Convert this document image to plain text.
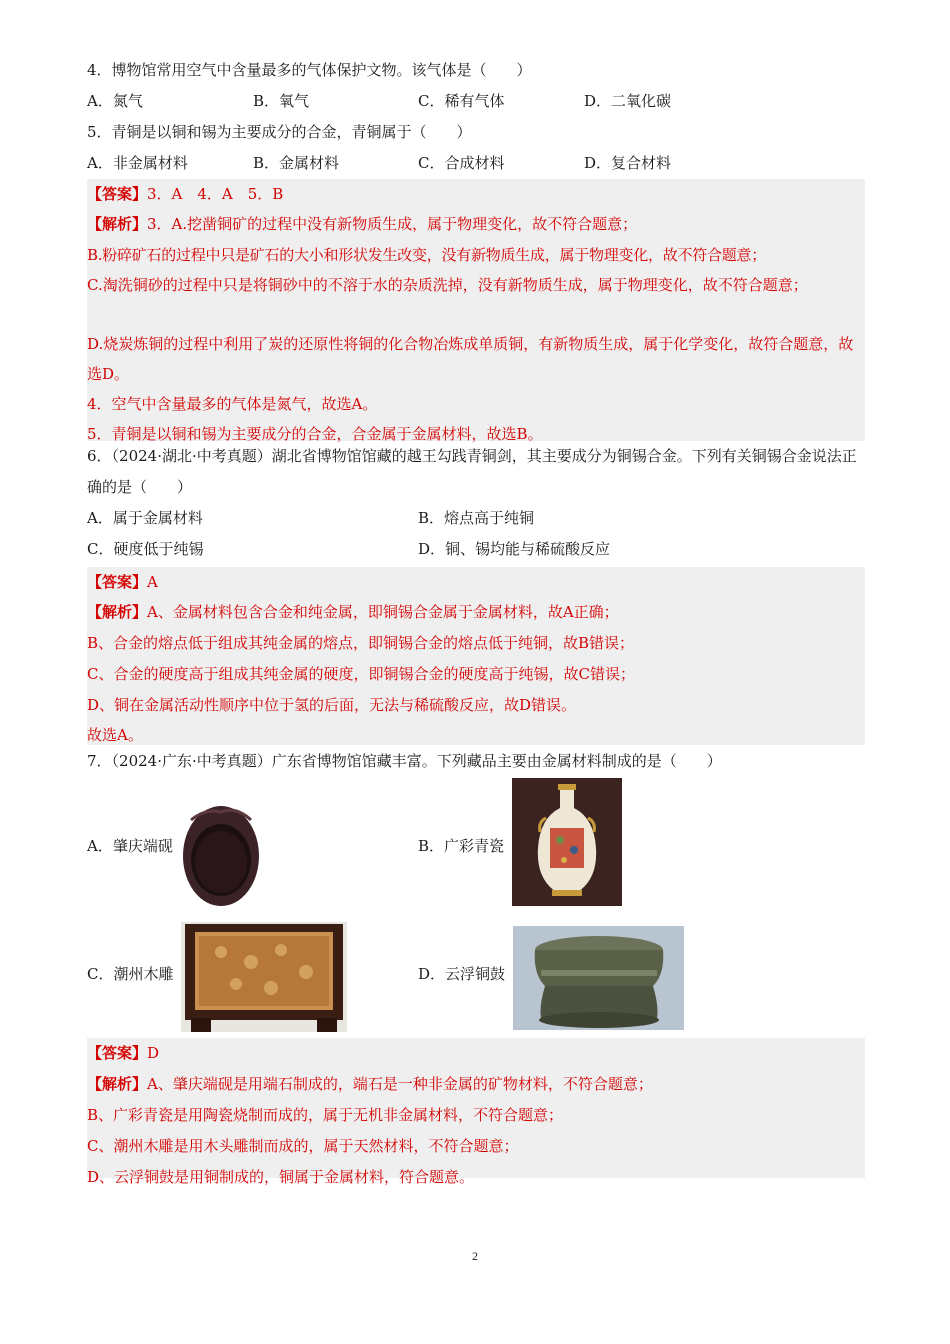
4．博物馆常用空气中含量最多的气体保护文物。该气体是（　　）
A．氮气	B．氧气	C．稀有气体	D．二氧化碳
5．青铜是以铜和锡为主要成分的合金，青铜属于（　　）
A．非金属材料	B．金属材料	C．合成材料	D．复合材料
【答案】3．A　4．A　5．B
【解析】3．A.挖凿铜矿的过程中没有新物质生成，属于物理变化，故不符合题意；
B.粉碎矿石的过程中只是矿石的大小和形状发生改变，没有新物质生成，属于物理变化，故不符合题意；
C.淘洗铜砂的过程中只是将铜砂中的不溶于水的杂质洗掉，没有新物质生成，属于物理变化，故不符合题意；
D.烧炭炼铜的过程中利用了炭的还原性将铜的化合物冶炼成单质铜，有新物质生成，属于化学变化，故符合题意，故选D。
4．空气中含量最多的气体是氮气，故选A。
5．青铜是以铜和锡为主要成分的合金，合金属于金属材料，故选B。
6．（2024·湖北·中考真题）湖北省博物馆馆藏的越王勾践青铜剑，其主要成分为铜锡合金。下列有关铜锡合金说法正确的是（　　）
A．属于金属材料	B．熔点高于纯铜
C．硬度低于纯锡	D．铜、锡均能与稀硫酸反应
【答案】A
【解析】A、金属材料包含合金和纯金属，即铜锡合金属于金属材料，故A正确；
B、合金的熔点低于组成其纯金属的熔点，即铜锡合金的熔点低于纯铜，故B错误；
C、合金的硬度高于组成其纯金属的硬度，即铜锡合金的硬度高于纯锡，故C错误；
D、铜在金属活动性顺序中位于氢的后面，无法与稀硫酸反应，故D错误。
故选A。
7．（2024·广东·中考真题）广东省博物馆馆藏丰富。下列藏品主要由金属材料制成的是（　　）
A．肇庆端砚	B．广彩青瓷
C．潮州木雕	D．云浮铜鼓
【答案】D
【解析】A、肇庆端砚是用端石制成的，端石是一种非金属的矿物材料，不符合题意；
B、广彩青瓷是用陶瓷烧制而成的，属于无机非金属材料，不符合题意；
C、潮州木雕是用木头雕制而成的，属于天然材料，不符合题意；
D、云浮铜鼓是用铜制成的，铜属于金属材料，符合题意。
2
